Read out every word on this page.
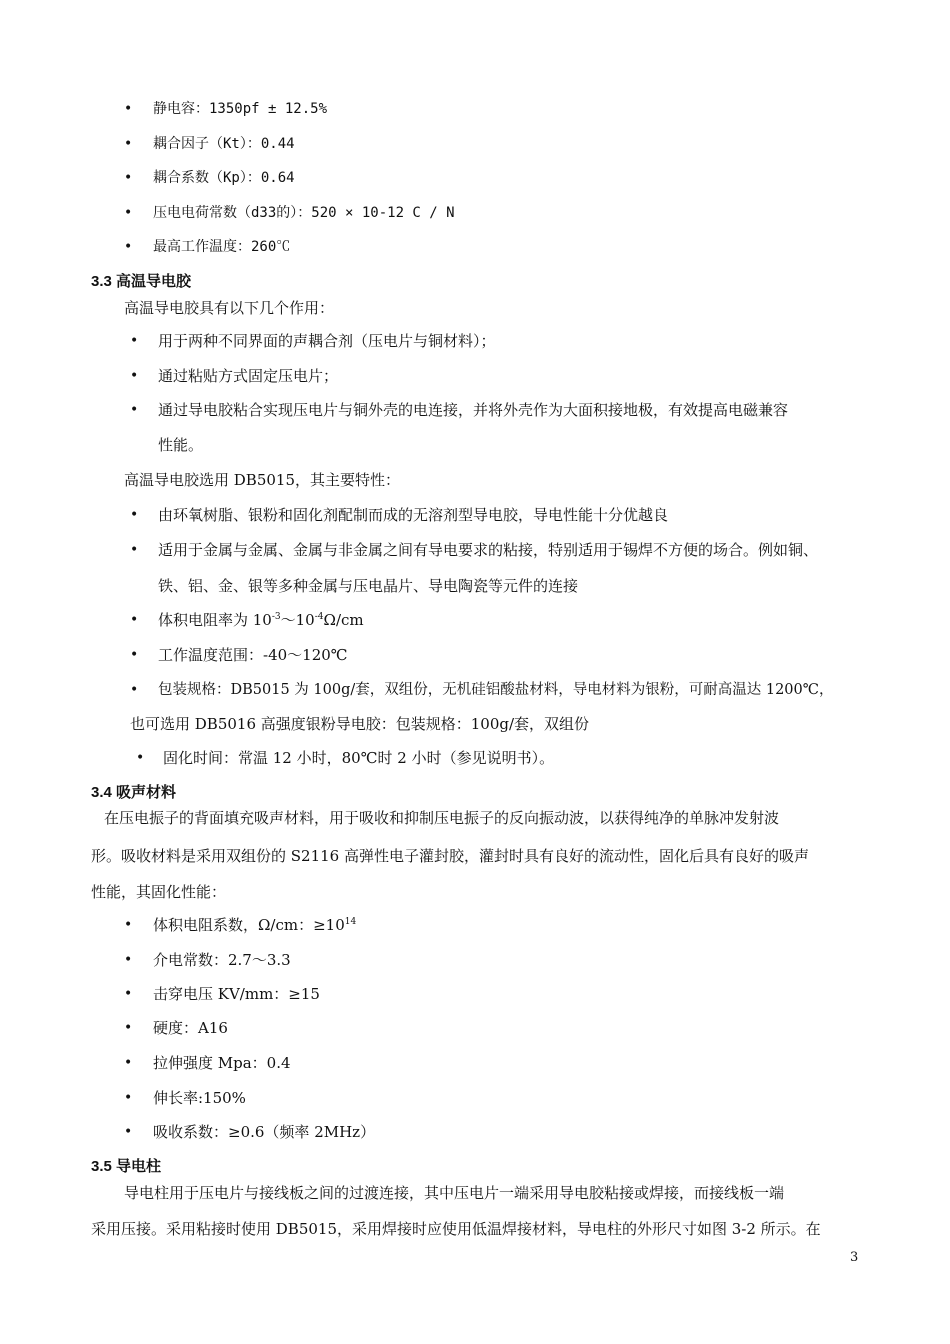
• 静电容：1350pf ± 12.5%
• 耦合因子（Kt）：0.44
• 耦合系数（Kp）：0.64
• 压电电荷常数（d33的）：520 × 10-12 C / N
• 最高工作温度：260℃
3.3 高温导电胶
高温导电胶具有以下几个作用：
• 用于两种不同界面的声耦合剂（压电片与铜材料）；
• 通过粘贴方式固定压电片；
• 通过导电胶粘合实现压电片与铜外壳的电连接，并将外壳作为大面积接地极，有效提高电磁兼容
性能。
高温导电胶选用 DB5015，其主要特性：
• 由环氧树脂、银粉和固化剂配制而成的无溶剂型导电胶，导电性能十分优越良
• 适用于金属与金属、金属与非金属之间有导电要求的粘接，特别适用于锡焊不方便的场合。例如铜、
铁、铝、金、银等多种金属与压电晶片、导电陶瓷等元件的连接
• 体积电阻率为 $10^{-3}\sim 10^{-4}\Omega/cm$
• 工作温度范围：-40～120℃
• 包装规格：DB5015 为 100g/套，双组份，无机硅铝酸盐材料，导电材料为银粉，可耐高温达 1200℃，
也可选用 DB5016 高强度银粉导电胶：包装规格：100g/套，双组份
• 固化时间：常温 12 小时，80℃时 2 小时（参见说明书）。
3.4 吸声材料
在压电振子的背面填充吸声材料，用于吸收和抑制压电振子的反向振动波，以获得纯净的单脉冲发射波
形。吸收材料是采用双组份的 S2116 高弹性电子灌封胶，灌封时具有良好的流动性，固化后具有良好的吸声
性能，其固化性能：
• 体积电阻系数，Ω/cm：$\ge 10^{14}$
• 介电常数：2.7～3.3
• 击穿电压 KV/mm：≥15
• 硬度：A16
• 拉伸强度 Mpa：0.4
• 伸长率:150%
• 吸收系数：≥0.6（频率 2MHz）
3.5 导电柱
导电柱用于压电片与接线板之间的过渡连接，其中压电片一端采用导电胶粘接或焊接，而接线板一端
采用压接。采用粘接时使用 DB5015，采用焊接时应使用低温焊接材料，导电柱的外形尺寸如图 3-2 所示。在
3
